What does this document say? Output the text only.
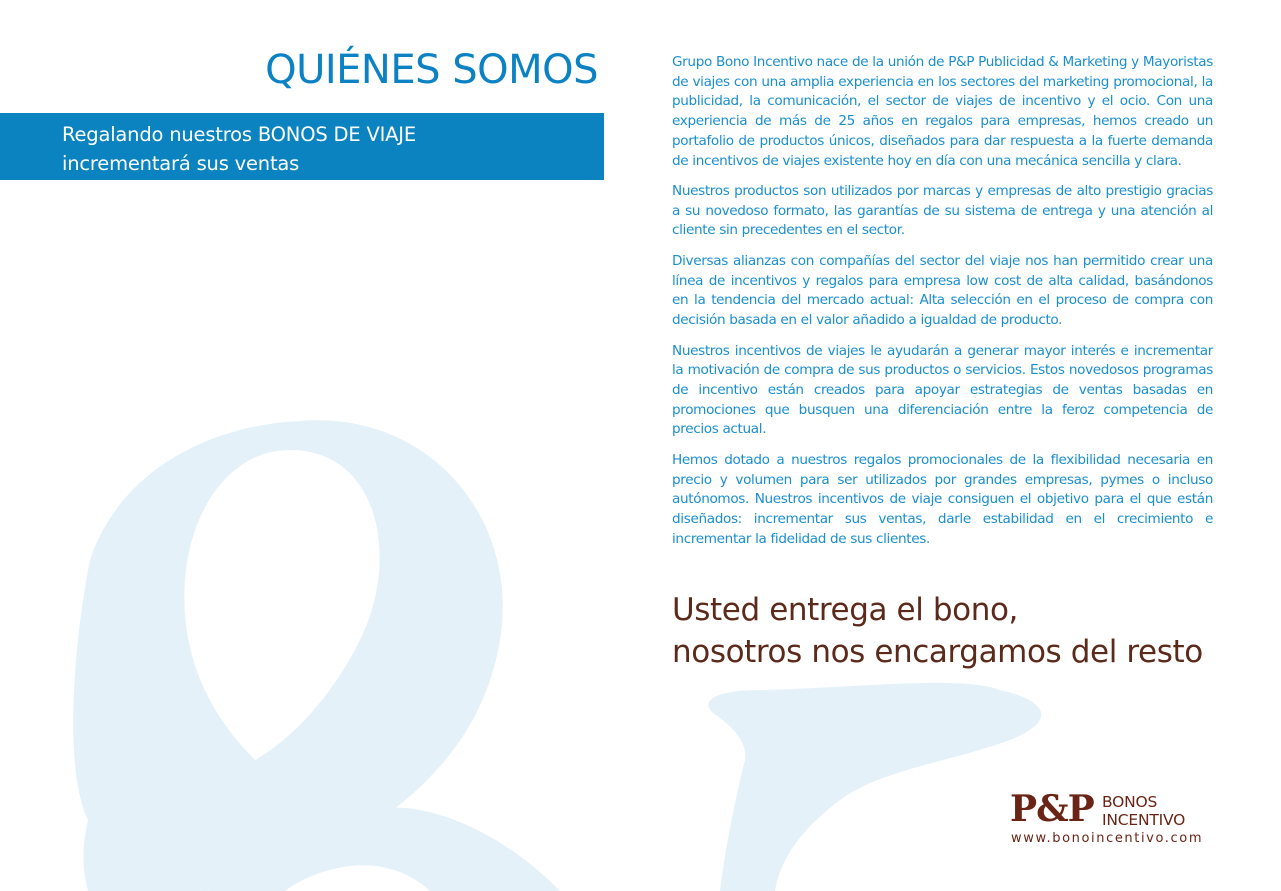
QUIÉNES SOMOS
Regalando nuestros BONOS DE VIAJE
incrementará sus ventas

Grupo Bono Incentivo nace de la unión de P&P Publicidad & Marketing y Mayoristas de viajes con una amplia experiencia en los sectores del marketing promocional, la publicidad, la comunicación, el sector de viajes de incentivo y el ocio. Con una experiencia de más de 25 años en regalos para empresas, hemos creado un portafolio de productos únicos, diseñados para dar respuesta a la fuerte demanda de incentivos de viajes existente hoy en día con una mecánica sencilla y clara.

Nuestros productos son utilizados por marcas y empresas de alto prestigio gracias a su novedoso formato, las garantías de su sistema de entrega y una atención al cliente sin precedentes en el sector.

Diversas alianzas con compañías del sector del viaje nos han permitido crear una línea de incentivos y regalos para empresa low cost de alta calidad, basándonos en la tendencia del mercado actual: Alta selección en el proceso de compra con decisión basada en el valor añadido a igualdad de producto.

Nuestros incentivos de viajes le ayudarán a generar mayor interés e incrementar la motivación de compra de sus productos o servicios. Estos novedosos programas de incentivo están creados para apoyar estrategias de ventas basadas en promociones que busquen una diferenciación entre la feroz competencia de precios actual.

Hemos dotado a nuestros regalos promocionales de la flexibilidad necesaria en precio y volumen para ser utilizados por grandes empresas, pymes o incluso autónomos. Nuestros incentivos de viaje consiguen el objetivo para el que están diseñados: incrementar sus ventas, darle estabilidad en el crecimiento e incrementar la fidelidad de sus clientes.

Usted entrega el bono,
nosotros nos encargamos del resto
P&P BONOS
INCENTIVO
www.bonoincentivo.com
